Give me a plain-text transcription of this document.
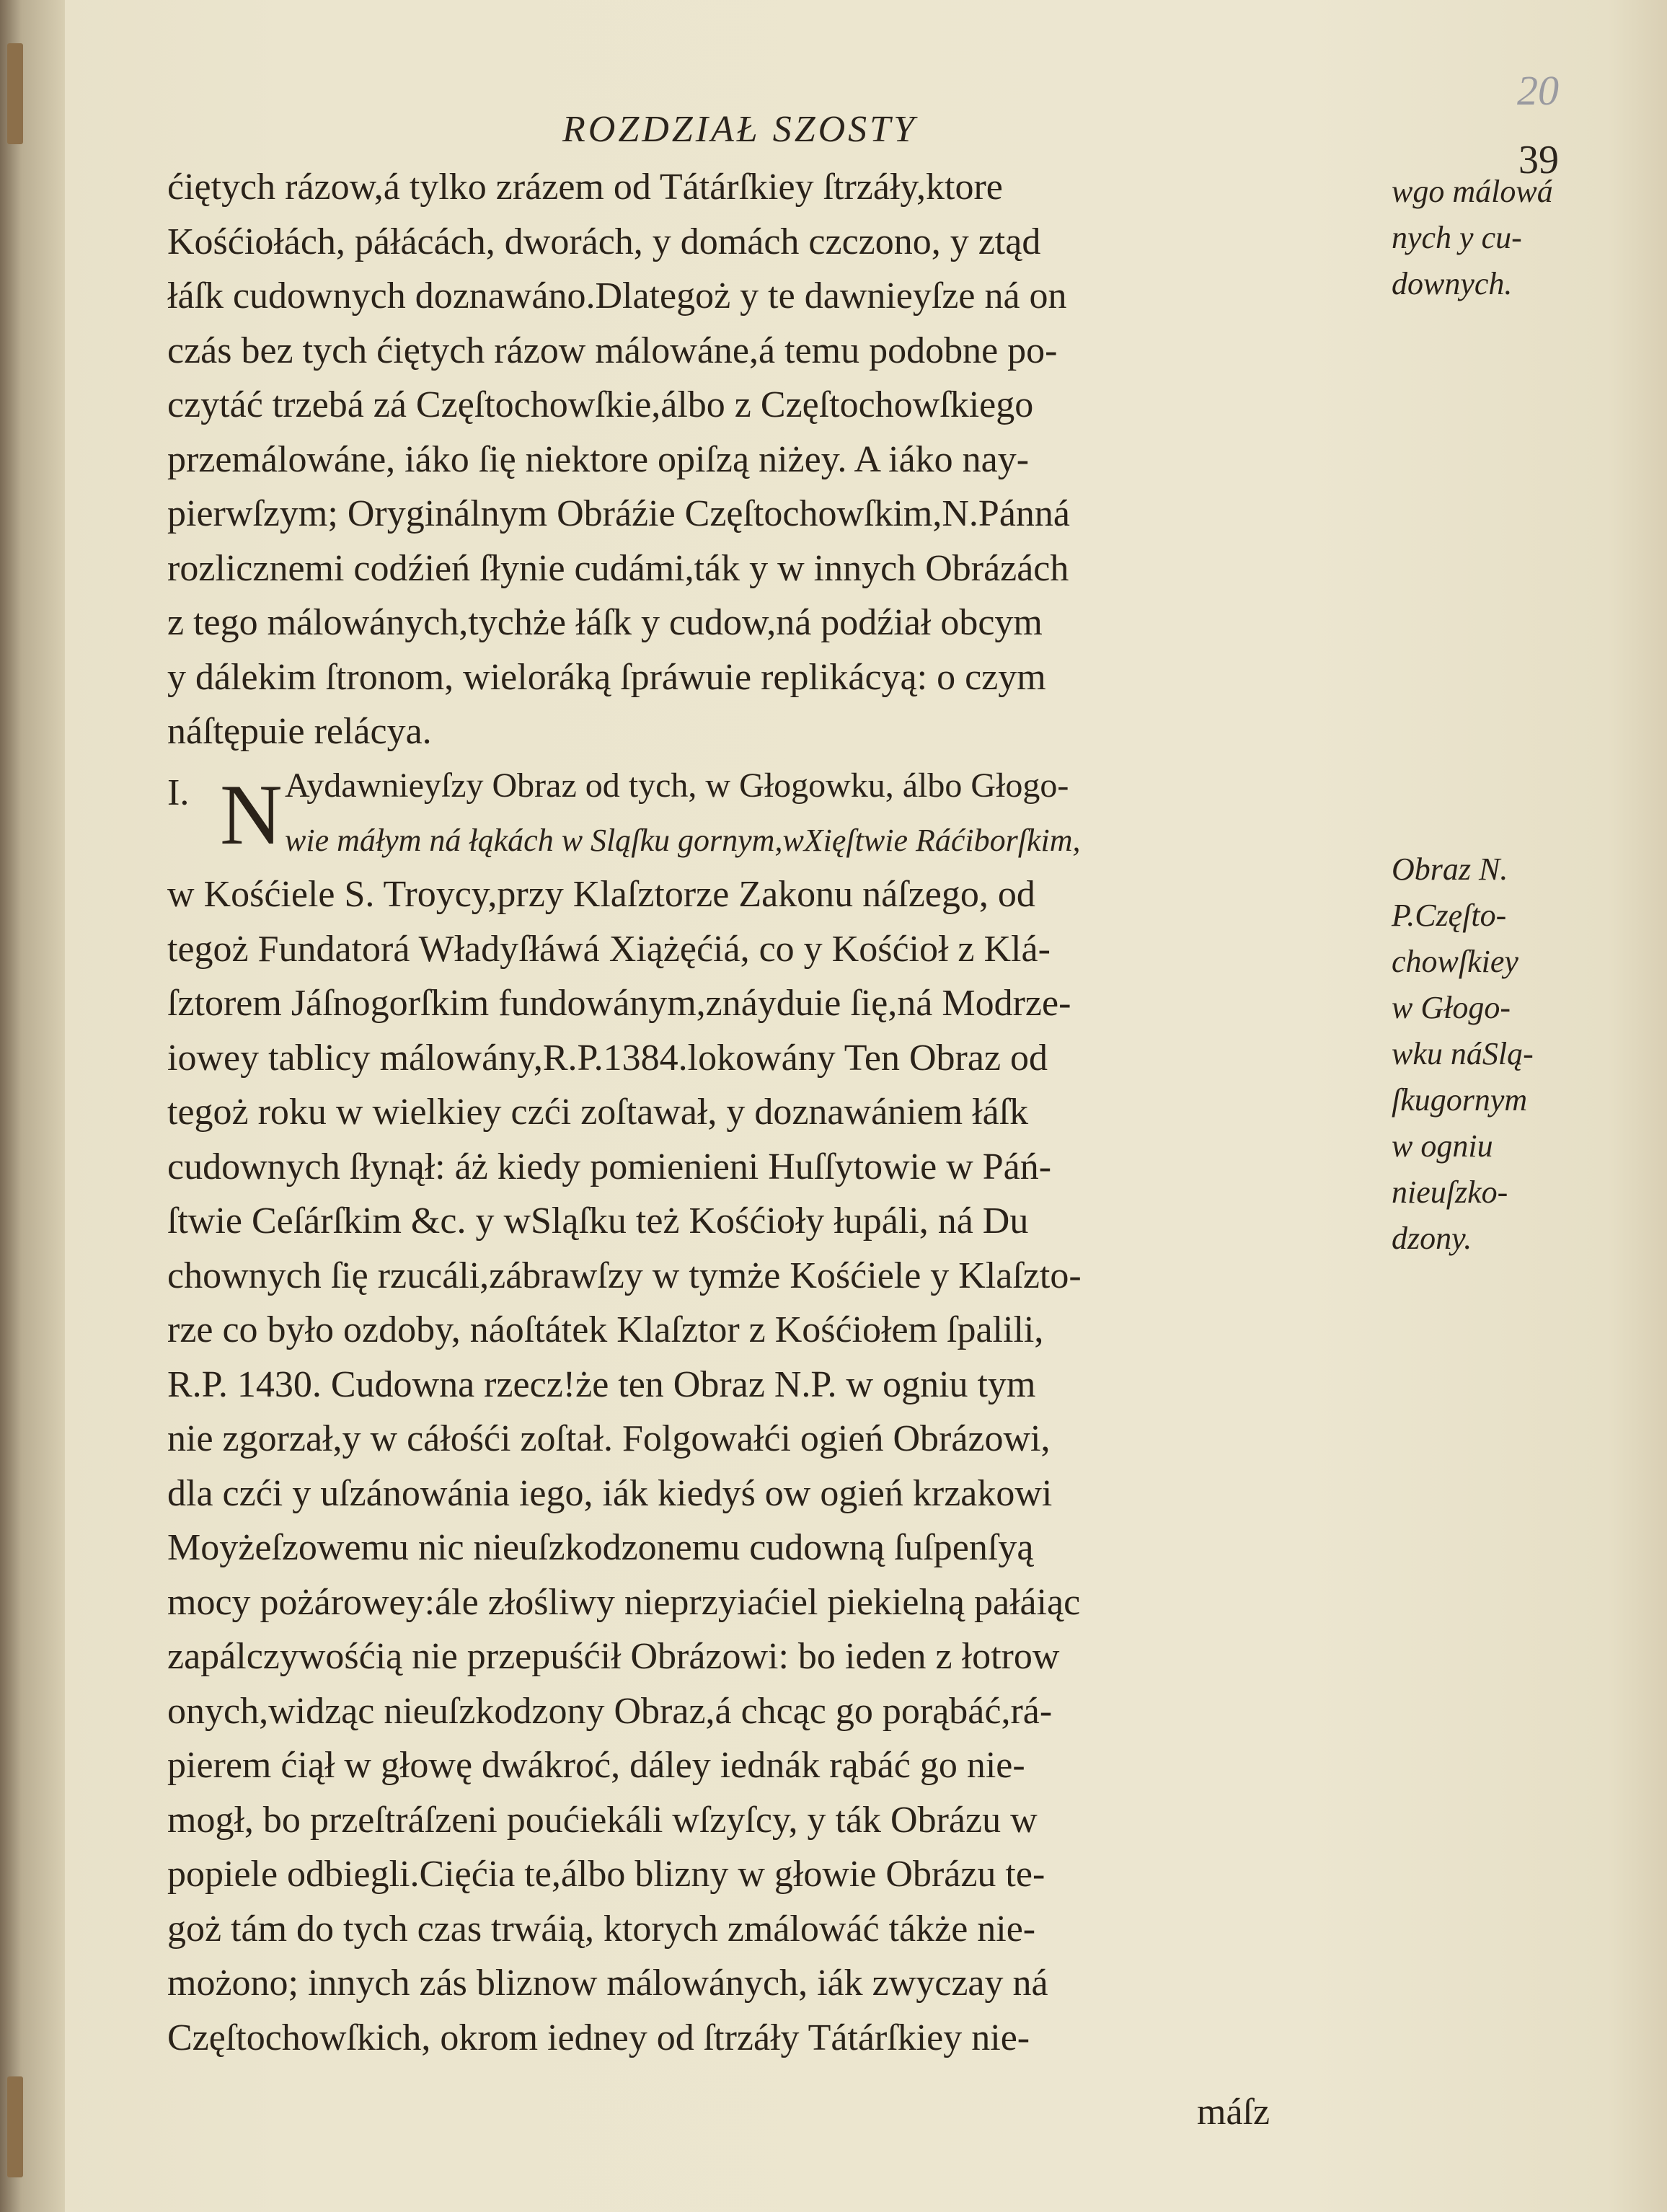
20
ROZDZIAŁ SZOSTY
39
ćiętych rázow,á tylko zrázem od Tátárſkiey ſtrzáły,ktore
Kośćiołách, páłácách, dworách, y domách czczono, y ztąd
łáſk cudownych doznawáno.Dlategoż y te dawnieyſze ná on
czás bez tych ćiętych rázow málowáne,á temu podobne po-
czytáć trzebá zá Częſtochowſkie,álbo z Częſtochowſkiego
przemálowáne, iáko ſię niektore opiſzą niżey. A iáko nay-
pierwſzym; Oryginálnym Obráźie Częſtochowſkim,N.Pánná
rozlicznemi codźień ſłynie cudámi,ták y w innych Obrázách
z tego málowánych,tychże łáſk y cudow,ná podźiał obcym
y dálekim ſtronom, wieloráką ſpráwuie replikácyą: o czym
náſtępuie relácya.
I. N Aydawnieyſzy Obraz od tych, w Głogowku, álbo Głogo-
wie máłym ná łąkách w Sląſku gornym,wXięſtwie Ráćiborſkim,
w Kośćiele S. Troycy,przy Klaſztorze Zakonu náſzego, od
tegoż Fundatorá Władyſłáwá Xiążęćiá, co y Kośćioł z Klá-
ſztorem Jáſnogorſkim fundowánym,znáyduie ſię,ná Modrze-
iowey tablicy málowány,R.P.1384.lokowány Ten Obraz od
tegoż roku w wielkiey czći zoſtawał, y doznawániem łáſk
cudownych ſłynął: áż kiedy pomienieni Huſſytowie w Páń-
ſtwie Ceſárſkim &c. y wSląſku też Kośćioły łupáli, ná Du
chownych ſię rzucáli,zábrawſzy w tymże Kośćiele y Klaſzto-
rze co było ozdoby, náoſtátek Klaſztor z Kośćiołem ſpalili,
R.P. 1430. Cudowna rzecz!że ten Obraz N.P. w ogniu tym
nie zgorzał,y w cáłośći zoſtał. Folgowałći ogień Obrázowi,
dla czći y uſzánowánia iego, iák kiedyś ow ogień krzakowi
Moyżeſzowemu nic nieuſzkodzonemu cudowną ſuſpenſyą
mocy pożárowey:ále złośliwy nieprzyiaćiel piekielną pałáiąc
zapálczywośćią nie przepuśćił Obrázowi: bo ieden z łotrow
onych,widząc nieuſzkodzony Obraz,á chcąc go porąbáć,rá-
pierem ćiął w głowę dwákroć, dáley iednák rąbáć go nie-
mogł, bo przeſtráſzeni poućiekáli wſzyſcy, y ták Obrázu w
popiele odbiegli.Cięćia te,álbo blizny w głowie Obrázu te-
goż tám do tych czas trwáią, ktorych zmálowáć tákże nie-
możono; innych zás bliznow málowánych, iák zwyczay ná
Częſtochowſkich, okrom iedney od ſtrzáły Tátárſkiey nie-
máſz
wgo málowá
nych y cu-
downych.
Obraz N.
P.Częſto-
chowſkiey
w Głogo-
wku náSlą-
ſkugornym
w ogniu
nieuſzko-
dzony.
